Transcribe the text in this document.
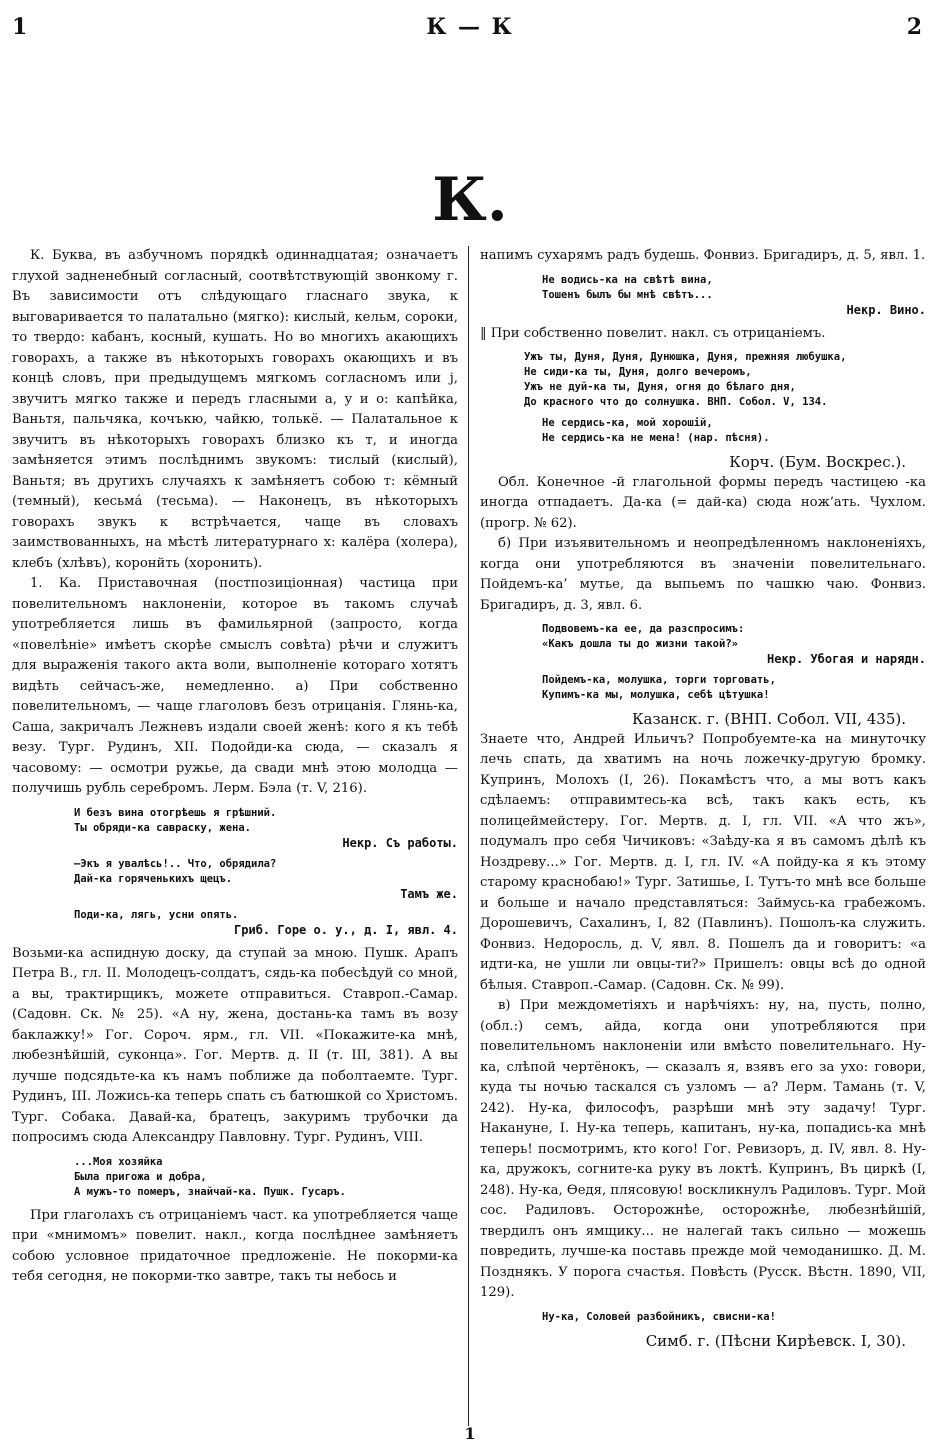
1	К — К	2
К.

К. Буква, въ азбучномъ порядкѣ одиннадцатая; означаетъ глухой задненебный согласный, соотвѣтствующій звонкому г. Въ зависимости отъ слѣдующаго гласнаго звука, к выговаривается то палатально (мягко): кислый, кельм, сороки, то твердо: кабанъ, косный, кушать. Но во многихъ акающихъ говорахъ, а также въ нѣкоторыхъ говорахъ окающихъ и въ концѣ словъ, при предыдущемъ мягкомъ согласномъ или j, звучитъ мягко также и передъ гласными а, у и о: капѣйка, Ваньтя, пальчяка, кочъкю, чайкю, толькё. — Палатальное к звучитъ въ нѣкоторыхъ говорахъ близко къ т, и иногда замѣняется этимъ послѣднимъ звукомъ: тислый (кислый), Ваньтя; въ другихъ случаяхъ к замѣняетъ собою т: кёмный (темный), кесьмá (тесьма). — Наконецъ, въ нѣкоторыхъ говорахъ звукъ к встрѣчается, чаще въ словахъ заимствованныхъ, на мѣстѣ литературнаго х: калёра (холера), клебъ (хлѣвъ), коронйть (хоронить).

1. Ка. Приставочная (постпозиціонная) частица при повелительномъ наклоненіи, которое въ такомъ случаѣ употребляется лишь въ фамильярной (запросто, когда «повелѣніе» имѣетъ скорѣе смыслъ совѣта) рѣчи и служитъ для выраженія такого акта воли, выполненіе котораго хотятъ видѣть сейчасъ-же, немедленно. а) При собственно повелительномъ, — чаще глаголовъ безъ отрицанія. Глянь-ка, Саша, закричалъ Лежневъ издали своей женѣ: кого я къ тебѣ везу. Тург. Рудинъ, XII. Подойди-ка сюда, — сказалъ я часовому: — осмотри ружье, да свади мнѣ этою молодца — получишь рубль серебромъ. Лерм. Бэла (т. V, 216).

И безъ вина отогрѣешь я грѣшний.
Ты обряди-ка савраску, жена.
Некр. Съ работы.
—Экъ я увалѣсь!.. Что, обрядила?
Дай-ка горяченькихъ щецъ.
Тамъ же.
Поди-ка, лягь, усни опять.
Гриб. Горе о. у., д. I, явл. 4.

Возьми-ка аспидную доску, да ступай за мною. Пушк. Арапъ Петра В., гл. II. Молодецъ-солдатъ, сядь-ка побесѣдуй со мной, а вы, трактирщикъ, можете отправиться. Ставроп.-Самар. (Садовн. Ск. № 25). «А ну, жена, достань-ка тамъ въ возу баклажку!» Гог. Сороч. ярм., гл. VII. «Покажите-ка мнѣ, любезнѣйшій, суконца». Гог. Мертв. д. II (т. III, 381). А вы лучше подсядьте-ка къ намъ поближе да поболтаемте. Тург. Рудинъ, III. Ложись-ка теперь спать съ батюшкой со Христомъ. Тург. Собака. Давай-ка, братецъ, закуримъ трубочки да попросимъ сюда Александру Павловну. Тург. Рудинъ, VIII.

...Моя хозяйка
Была пригожа и добра,
А мужъ-то померъ, знайчай-ка. Пушк. Гусаръ.

При глаголахъ съ отрицаніемъ част. ка употребляется чаще при «мнимомъ» повелит. накл., когда послѣднее замѣняетъ собою условное придаточное предложеніе. Не покорми-ка тебя сегодня, не покорми-тко завтре, такъ ты небось и

напимъ сухарямъ радъ будешь. Фонвиз. Бригадиръ, д. 5, явл. 1.

Не водись-ка на свѣтѣ вина,
Тошенъ былъ бы мнѣ свѣтъ...
Некр. Вино.

‖ При собственно повелит. накл. съ отрицаніемъ.

Ужъ ты, Дуня, Дуня, Дунюшка, Дуня, прежняя любушка,
Не сиди-ка ты, Дуня, долго вечеромъ,
Ужъ не дуй-ка ты, Дуня, огня до бѣлаго дня,
До красного что до солнушка. ВНП. Собол. V, 134.
Не сердись-ка, мой хорошій,
Не сердись-ка не мена! (нар. пѣсня).
Корч. (Бум. Воскрес.).

Обл. Конечное -й глагольной формы передъ частицею -ка иногда отпадаетъ. Да-ка (= дай-ка) сюда нож’aть. Чухлом. (прогр. № 62).

б) При изъявительномъ и неопредѣленномъ наклоненіяхъ, когда они употребляются въ значеніи повелительнаго. Пойдемъ-ка’ мутье, да выпьемъ по чашкю чаю. Фонвиз. Бригадиръ, д. 3, явл. 6.

Подвовемъ-ка ее, да разспросимъ:
«Какъ дошла ты до жизни такой?»
Некр. Убогая и нарядн.
Пойдемъ-ка, молушка, торги торговать,
Купимъ-ка мы, молушка, себѣ цѣтушка!
Казанск. г. (ВНП. Собол. VII, 435).

Знаете что, Андрей Ильичъ? Попробуемте-ка на минуточку лечь спать, да хватимъ на ночь ложечку-другую бромку. Купринъ, Молохъ (I, 26). Покамѣстъ что, а мы вотъ какъ сдѣлаемъ: отправимтесь-ка всѣ, такъ какъ есть, къ полицеймейстеру. Гог. Мертв. д. I, гл. VII. «А что жъ», подумалъ про себя Чичиковъ: «Заѣду-ка я въ самомъ дѣлѣ къ Ноздреву...» Гог. Мертв. д. I, гл. IV. «А пойду-ка я къ этому старому краснобаю!» Тург. Затишье, I. Тутъ-то мнѣ все больше и больше и начало представляться: Займусь-ка грабежомъ. Дорошевичъ, Сахалинъ, I, 82 (Павлинъ). Пошолъ-ка служить. Фонвиз. Недоросль, д. V, явл. 8. Пошелъ да и говоритъ: «а идти-ка, не ушли ли овцы-ти?» Пришелъ: овцы всѣ до одной бѣлыя. Ставроп.-Самар. (Садовн. Ск. № 99).

в) При междометіяхъ и нарѣчіяхъ: ну, на, пусть, полно, (обл.:) семъ, айда, когда они употребляются при повелительномъ наклоненіи или вмѣсто повелительнаго. Ну-ка, слѣпой чертёнокъ, — сказалъ я, взявъ его за ухо: говори, куда ты ночью таскался съ узломъ — а? Лерм. Тамань (т. V, 242). Ну-ка, философъ, разрѣши мнѣ эту задачу! Тург. Накануне, I. Ну-ка теперь, капитанъ, ну-ка, попадись-ка мнѣ теперь! посмотримъ, кто кого! Гог. Ревизоръ, д. IV, явл. 8. Ну-ка, дружокъ, согните-ка руку въ локтѣ. Купринъ, Въ циркѣ (I, 248). Ну-ка, Ѳедя, пляcовую! воскликнулъ Радиловъ. Тург. Мой сос. Радиловъ. Осторожнѣе, осторожнѣе, любезнѣйшій, твердилъ онъ ямщику... не налегай такъ сильно — можешь повредить, лучше-ка поставь прежде мой чемоданишко. Д. М. Позднякъ. У порога счастья. Повѣсть (Русск. Вѣстн. 1890, VII, 129).

Ну-ка, Соловей разбойникъ, свисни-ка!
Симб. г. (Пѣсни Кирѣевск. I, 30).
1
